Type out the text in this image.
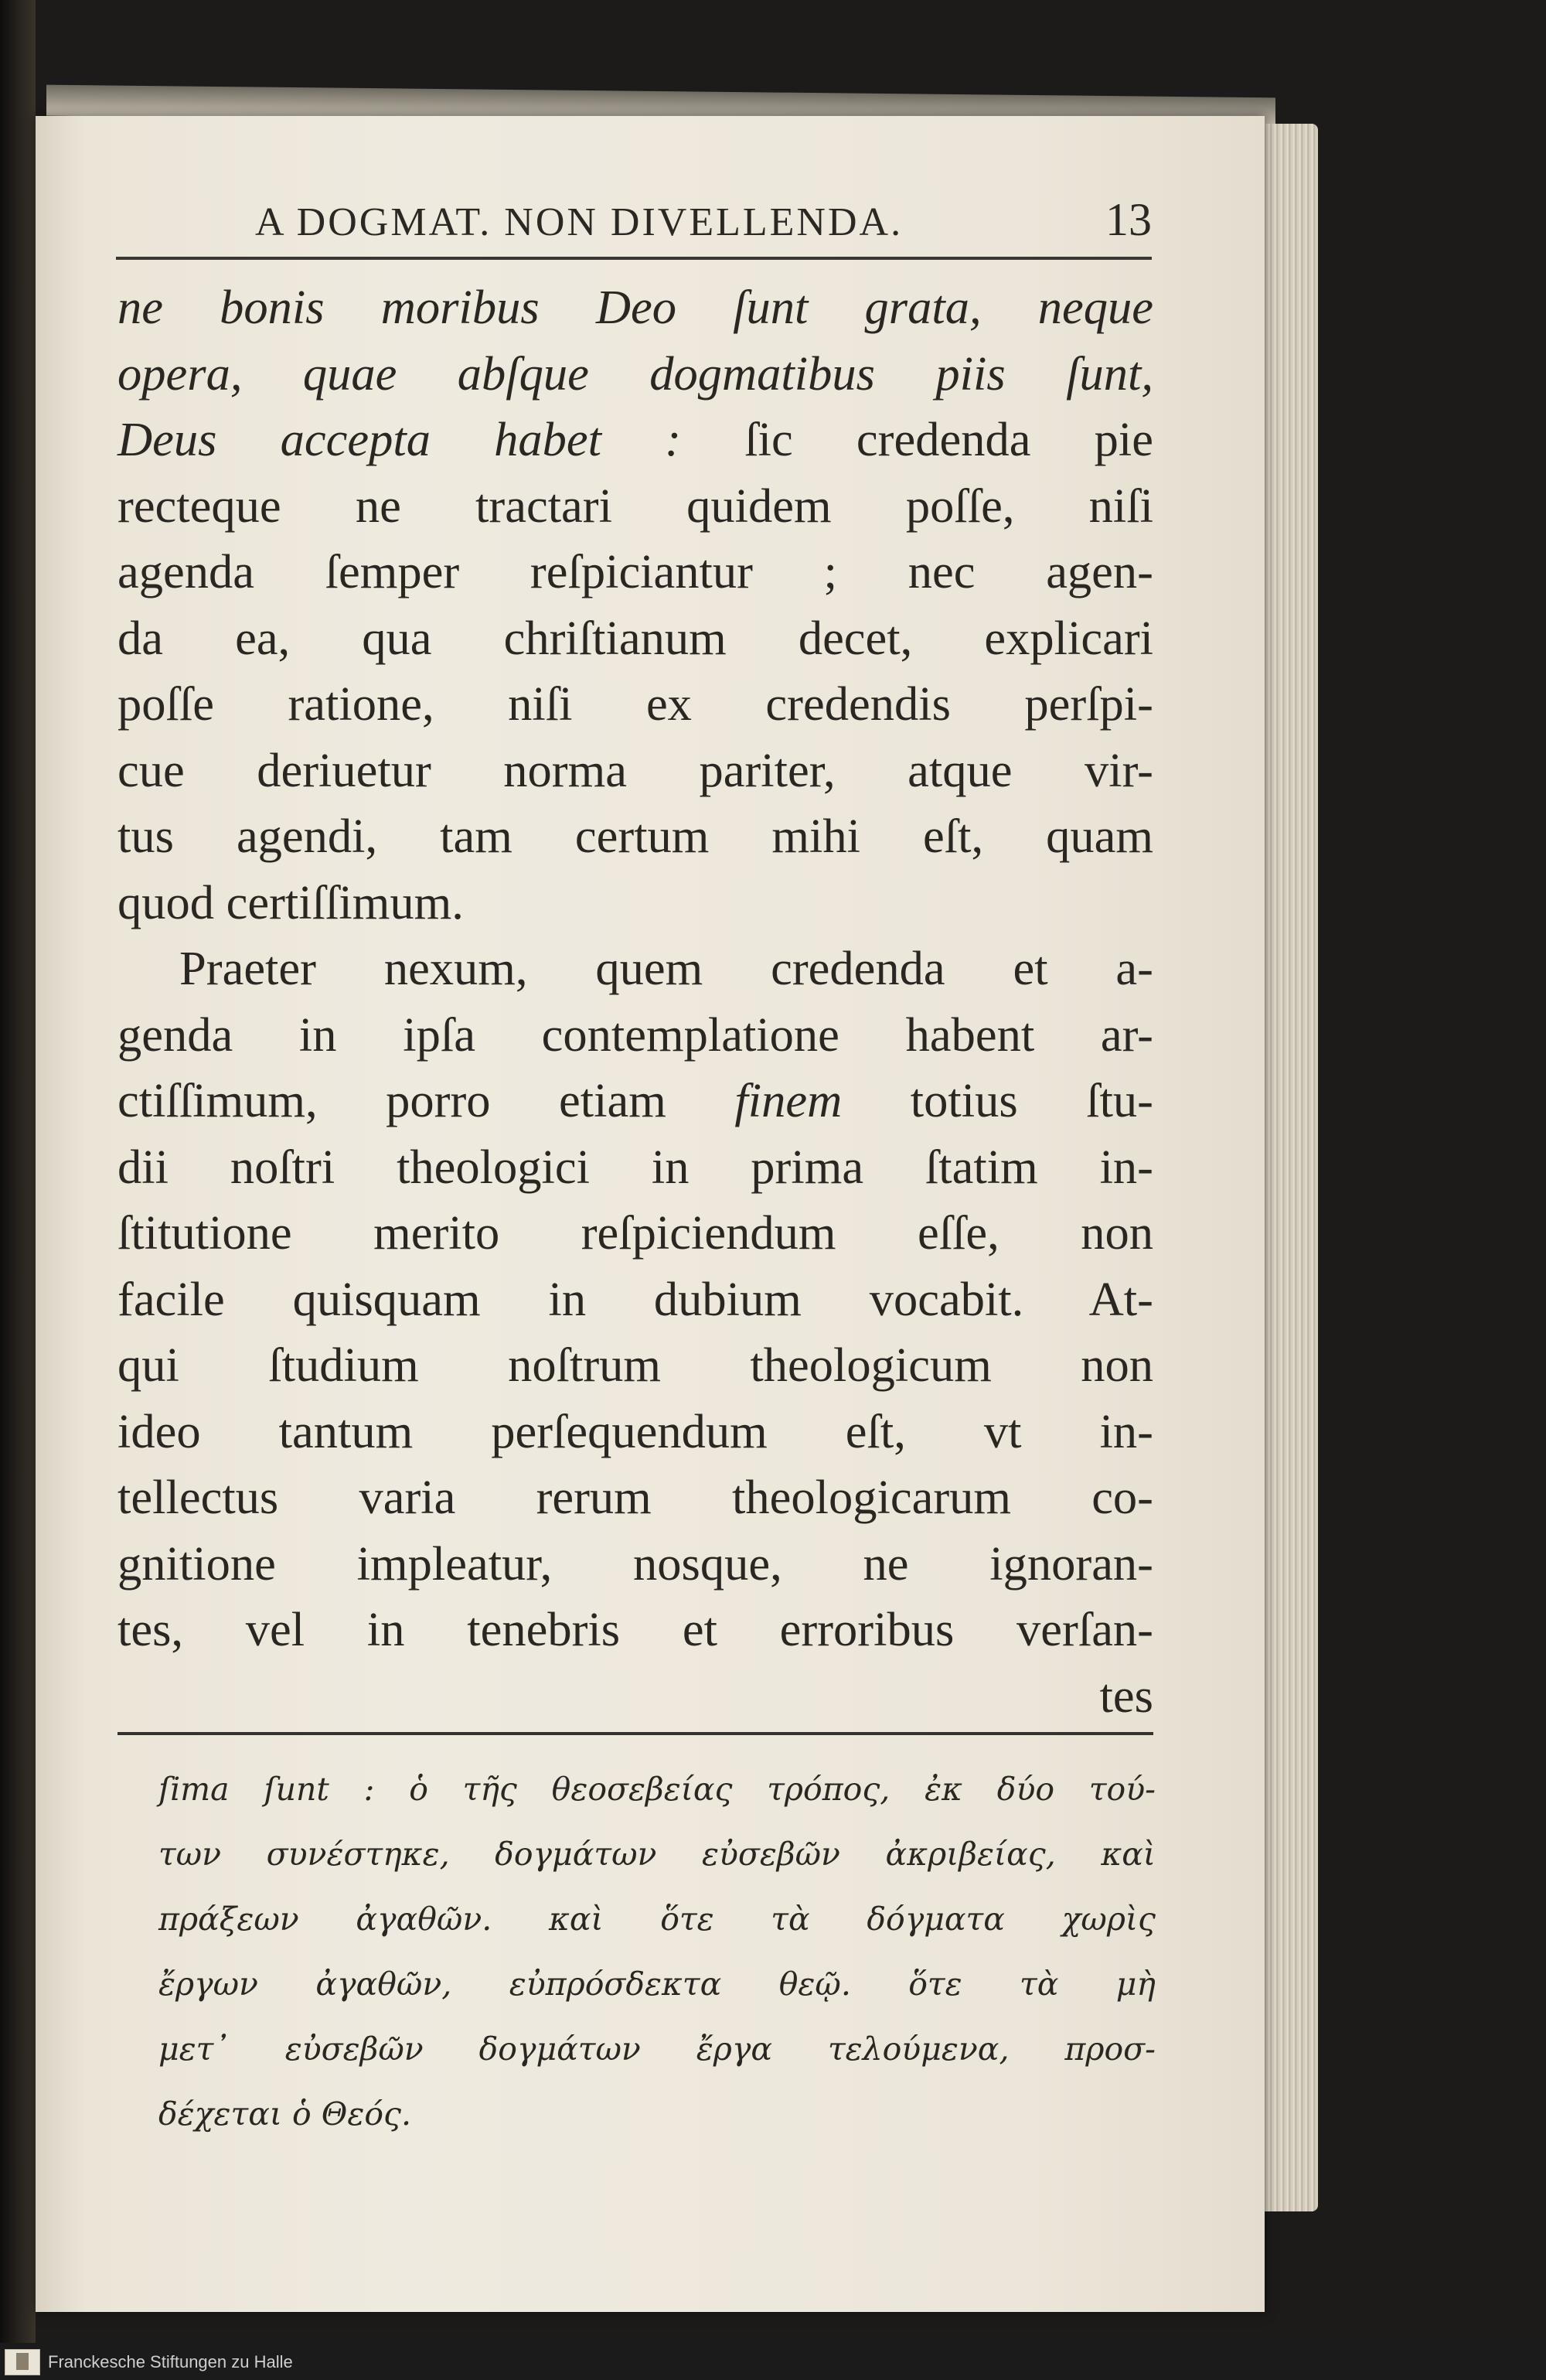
A DOGMAT. NON DIVELLENDA.	13
ne bonis moribus Deo ſunt grata, neque
opera, quae abſque dogmatibus piis ſunt,
Deus accepta habet : ſic credenda pie
recteque ne tractari quidem poſſe, niſi
agenda ſemper reſpiciantur ; nec agen-
da ea, qua chriſtianum decet, explicari
poſſe ratione, niſi ex credendis perſpi-
cue deriuetur norma pariter, atque vir-
tus agendi, tam certum mihi eſt, quam
quod certiſſimum.
Praeter nexum, quem credenda et a-
genda in ipſa contemplatione habent ar-
ctiſſimum, porro etiam finem totius ſtu-
dii noſtri theologici in prima ſtatim in-
ſtitutione merito reſpiciendum eſſe, non
facile quisquam in dubium vocabit. At-
qui ſtudium noſtrum theologicum non
ideo tantum perſequendum eſt, vt in-
tellectus varia rerum theologicarum co-
gnitione impleatur, nosque, ne ignoran-
tes, vel in tenebris et erroribus verſan-
tes
ſima ſunt : ὁ τῆς θεοσεβείας τρόπος, ἐκ δύο τού-
των συνέστηκε, δογμάτων εὐσεβῶν ἀκριβείας, καὶ
πράξεων ἀγαθῶν. καὶ ὅτε τὰ δόγματα χωρὶς
ἔργων ἀγαθῶν, εὐπρόσδεκτα θεῷ. ὅτε τὰ μὴ
μετ᾿ εὐσεβῶν δογμάτων ἔργα τελούμενα, προσ-
δέχεται ὁ Θεός.
Franckesche Stiftungen zu Halle
